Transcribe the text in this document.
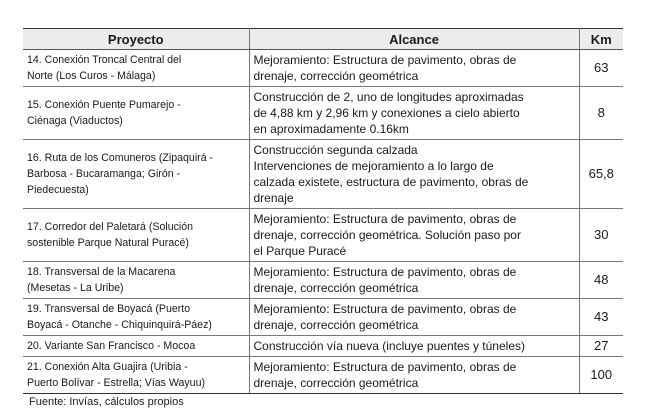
Proyecto	Alcance	Km
14. Conexión Troncal Central del
Norte (Los Curos - Málaga)	Mejoramiento: Estructura de pavimento, obras de
drenaje, corrección geométrica	63
15. Conexión Puente Pumarejo -
Ciénaga (Viaductos)	Construcción de 2, uno de longitudes aproximadas
de 4,88 km y 2,96 km y conexiones a cielo abierto
en aproximadamente 0.16km	8
16. Ruta de los Comuneros (Zipaquirá -
Barbosa - Bucaramanga; Girón -
Piedecuesta)	Construcción segunda calzada
Intervenciones de mejoramiento a lo largo de
calzada existete, estructura de pavimento, obras de
drenaje	65,8
17. Corredor del Paletará (Solución
sostenible Parque Natural Puracé)	Mejoramiento: Estructura de pavimento, obras de
drenaje, corrección geométrica. Solución paso por
el Parque Puracé	30
18. Transversal de la Macarena
(Mesetas - La Uribe)	Mejoramiento: Estructura de pavimento, obras de
drenaje, corrección geométrica	48
19. Transversal de Boyacá (Puerto
Boyacá - Otanche - Chiquinquirá-Páez)	Mejoramiento: Estructura de pavimento, obras de
drenaje, corrección geométrica	43
20. Variante San Francisco - Mocoa	Construcción vía nueva (incluye puentes y túneles)	27
21. Conexión Alta Guajira (Uribia -
Puerto Bolívar - Estrella; Vías Wayuu)	Mejoramiento: Estructura de pavimento, obras de
drenaje, corrección geométrica	100
Fuente: Invías, cálculos propios
